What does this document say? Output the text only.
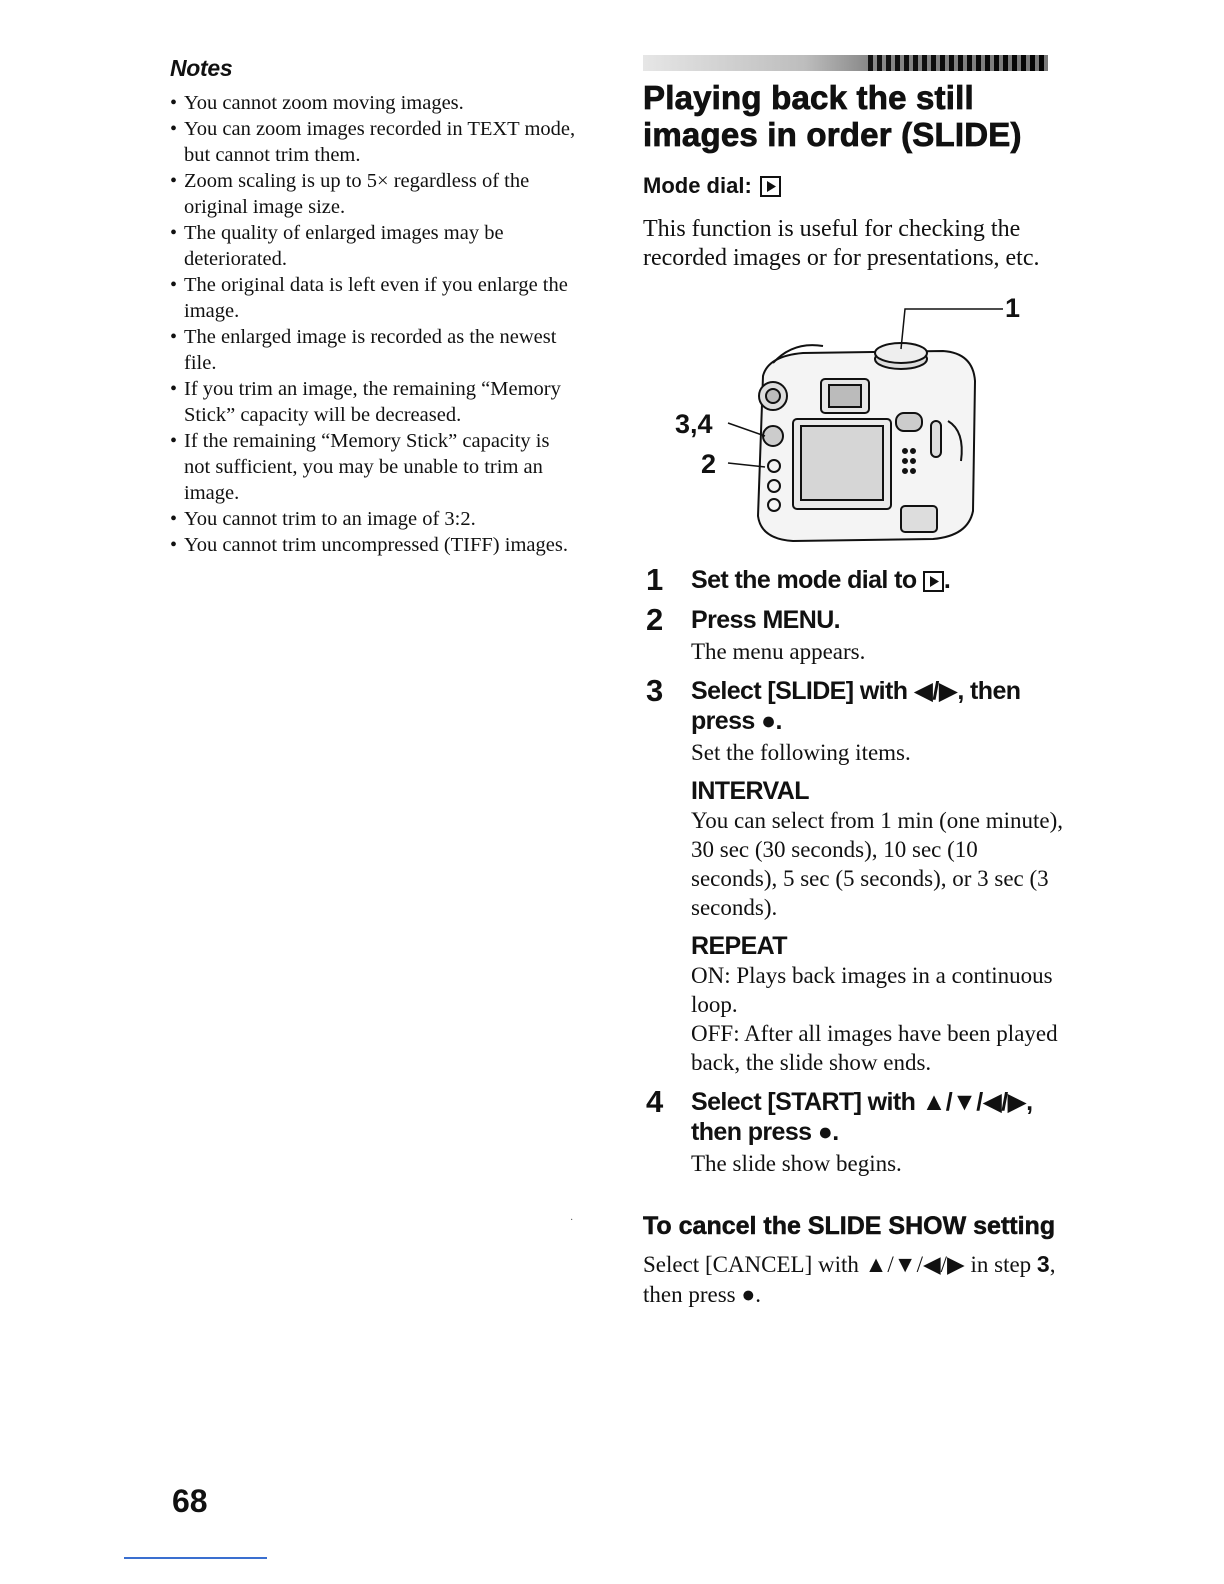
Notes
• You cannot zoom moving images.
• You can zoom images recorded in TEXT mode, but cannot trim them.
• Zoom scaling is up to 5× regardless of the original image size.
• The quality of enlarged images may be deteriorated.
• The original data is left even if you enlarge the image.
• The enlarged image is recorded as the newest file.
• If you trim an image, the remaining “Memory Stick” capacity will be decreased.
• If the remaining “Memory Stick” capacity is not sufficient, you may be unable to trim an image.
• You cannot trim to an image of 3:2.
• You cannot trim uncompressed (TIFF) images.
·
Playing back the still images in order (SLIDE)
Mode dial:

This function is useful for checking the recorded images or for presentations, etc.

1
3,4
2
1 Set the mode dial to .
2 Press MENU.
The menu appears.
3 Select [SLIDE] with ◀/▶, then press ●.
Set the following items.
INTERVAL
You can select from 1 min (one minute), 30 sec (30 seconds), 10 sec (10 seconds), 5 sec (5 seconds), or 3 sec (3 seconds).
REPEAT
ON: Plays back images in a continuous loop.
OFF: After all images have been played back, the slide show ends.
4 Select [START] with ▲/▼/◀/▶, then press ●.
The slide show begins.
To cancel the SLIDE SHOW setting
Select [CANCEL] with ▲/▼/◀/▶ in step 3, then press ●.
68
